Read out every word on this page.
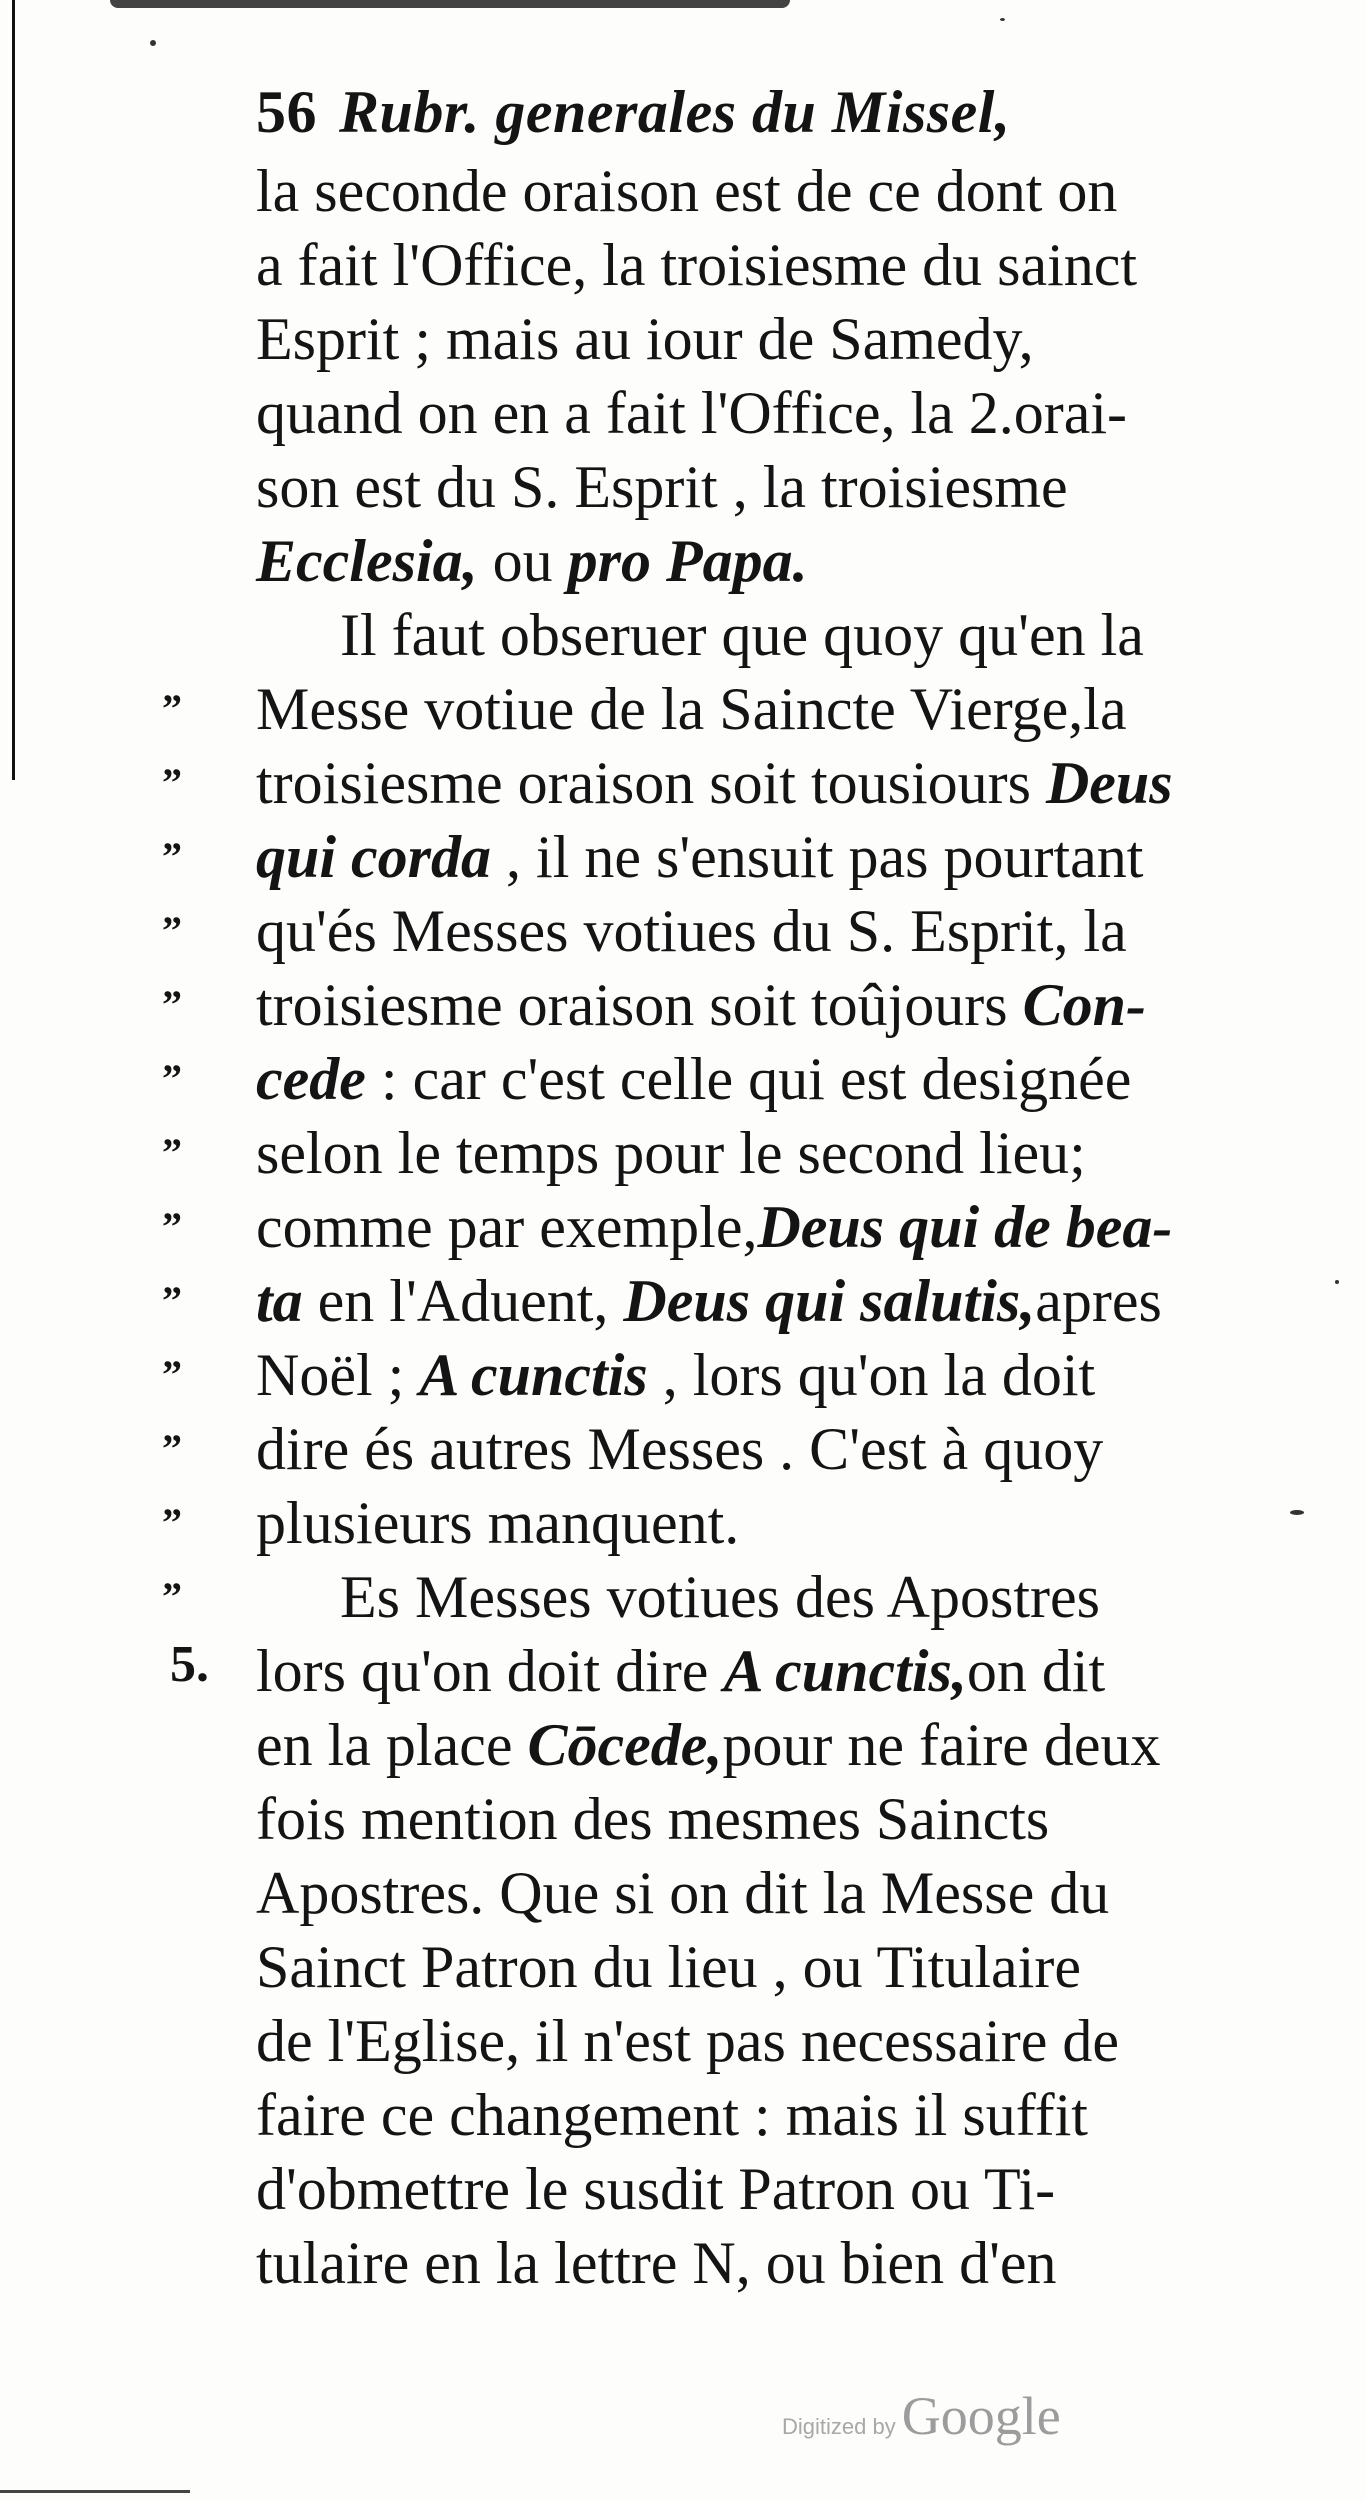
56 Rubr. generales du Missel,
la seconde oraison est de ce dont on
a fait l'Office, la troisiesme du sainct
Esprit ; mais au iour de Samedy,
quand on en a fait l'Office, la 2.orai-
son est du S. Esprit , la troisiesme
Ecclesia, ou pro Papa.
Il faut obseruer que quoy qu'en la
Messe votiue de la Saincte Vierge,la
troisiesme oraison soit tousiours Deus
qui corda , il ne s'ensuit pas pourtant
qu'és Messes votiues du S. Esprit, la
troisiesme oraison soit toûjours Con-
cede : car c'est celle qui est designée
selon le temps pour le second lieu;
comme par exemple,Deus qui de bea-
ta en l'Aduent, Deus qui salutis,apres
Noël ; A cunctis , lors qu'on la doit
dire és autres Messes . C'est à quoy
plusieurs manquent.
Es Messes votiues des Apostres
lors qu'on doit dire A cunctis,on dit
en la place Cōcede,pour ne faire deux
fois mention des mesmes Saincts
Apostres. Que si on dit la Messe du
Sainct Patron du lieu , ou Titulaire
de l'Eglise, il n'est pas necessaire de
faire ce changement : mais il suffit
d'obmettre le susdit Patron ou Ti-
tulaire en la lettre N, ou bien d'en
”
”
”
”
”
”
”
”
”
”
”
”
”
5.
Digitized by Google
